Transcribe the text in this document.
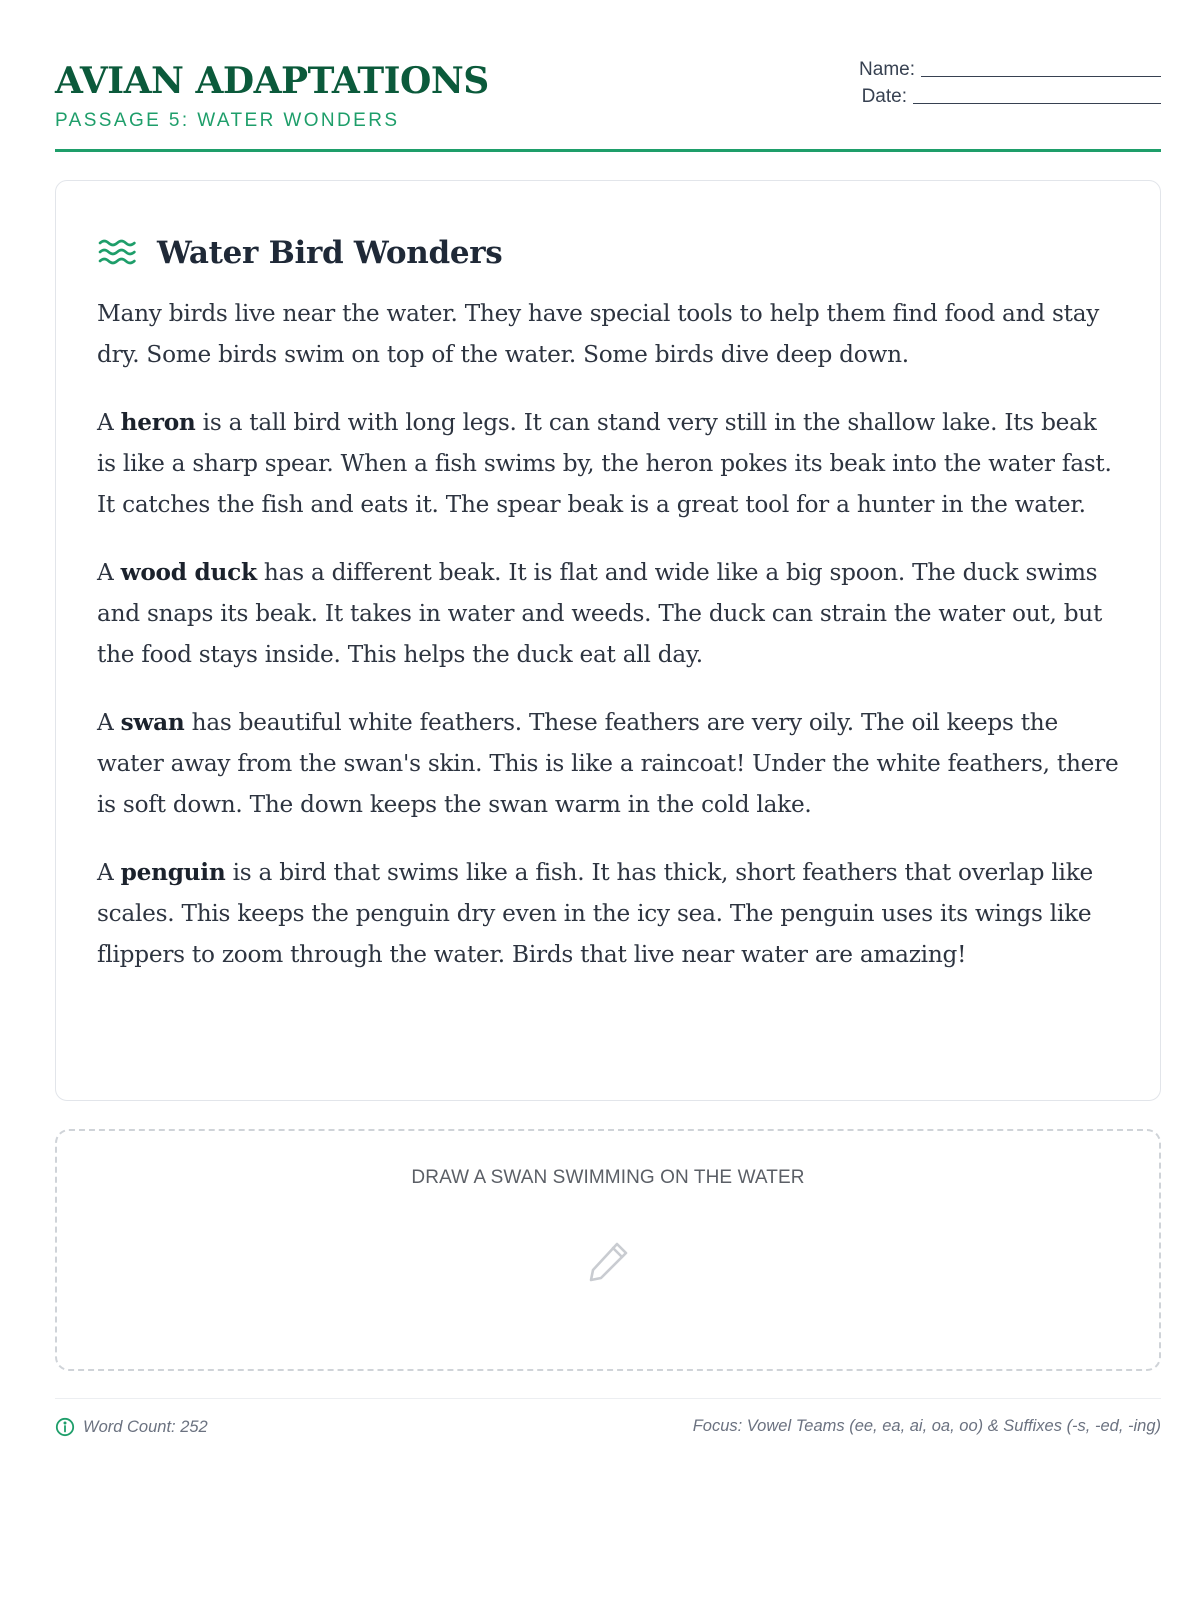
AVIAN ADAPTATIONS
PASSAGE 5: WATER WONDERS
Name:
Date:
Water Bird Wonders

Many birds live near the water. They have special tools to help them find food and stay dry. Some birds swim on top of the water. Some birds dive deep down.

A heron is a tall bird with long legs. It can stand very still in the shallow lake. Its beak is like a sharp spear. When a fish swims by, the heron pokes its beak into the water fast. It catches the fish and eats it. The spear beak is a great tool for a hunter in the water.

A wood duck has a different beak. It is flat and wide like a big spoon. The duck swims and snaps its beak. It takes in water and weeds. The duck can strain the water out, but the food stays inside. This helps the duck eat all day.

A swan has beautiful white feathers. These feathers are very oily. The oil keeps the water away from the swan's skin. This is like a raincoat! Under the white feathers, there is soft down. The down keeps the swan warm in the cold lake.

A penguin is a bird that swims like a fish. It has thick, short feathers that overlap like scales. This keeps the penguin dry even in the icy sea. The penguin uses its wings like flippers to zoom through the water. Birds that live near water are amazing!

DRAW A SWAN SWIMMING ON THE WATER
Word Count: 252	Focus: Vowel Teams (ee, ea, ai, oa, oo) & Suffixes (-s, -ed, -ing)
